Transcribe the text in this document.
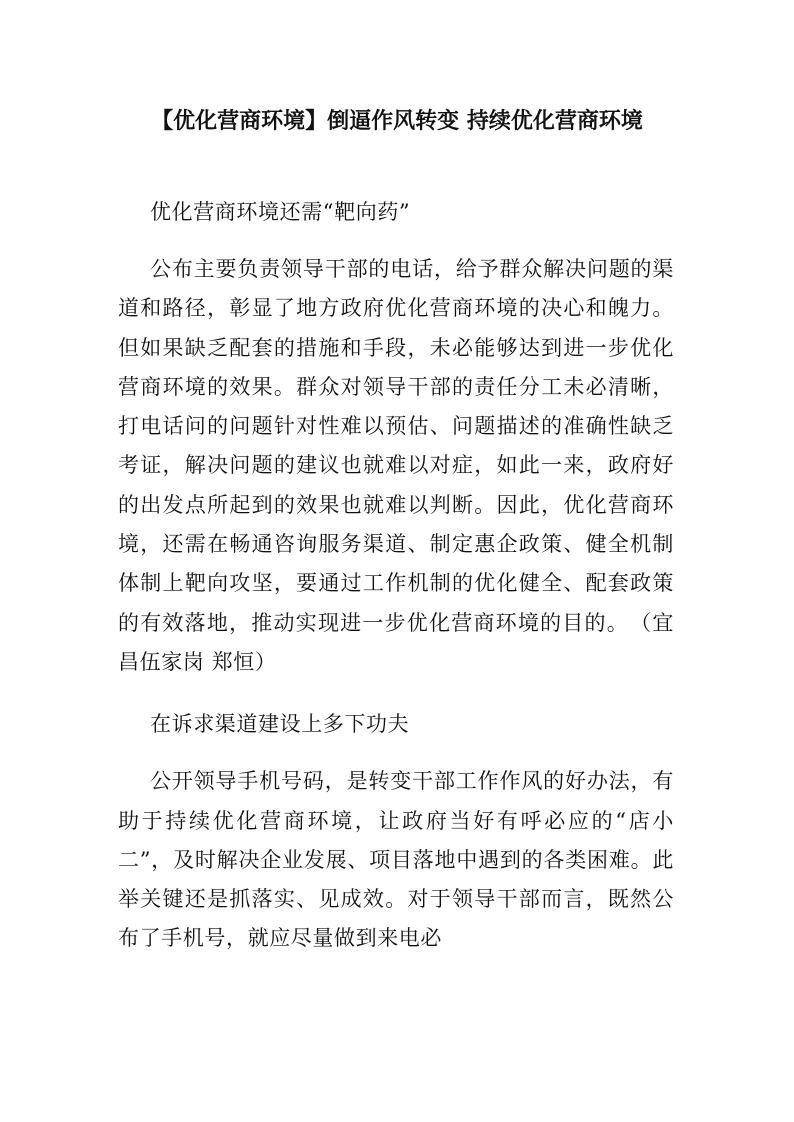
【优化营商环境】倒逼作风转变 持续优化营商环境

优化营商环境还需“靶向药”

公布主要负责领导干部的电话，给予群众解决问题的渠道和路径，彰显了地方政府优化营商环境的决心和魄力。但如果缺乏配套的措施和手段，未必能够达到进一步优化营商环境的效果。群众对领导干部的责任分工未必清晰，打电话问的问题针对性难以预估、问题描述的准确性缺乏考证，解决问题的建议也就难以对症，如此一来，政府好的出发点所起到的效果也就难以判断。因此，优化营商环境，还需在畅通咨询服务渠道、制定惠企政策、健全机制体制上靶向攻坚，要通过工作机制的优化健全、配套政策的有效落地，推动实现进一步优化营商环境的目的。　（宜昌伍家岗 郑恒）

在诉求渠道建设上多下功夫

公开领导手机号码，是转变干部工作作风的好办法，有助于持续优化营商环境，让政府当好有呼必应的“店小二”，及时解决企业发展、项目落地中遇到的各类困难。此举关键还是抓落实、见成效。对于领导干部而言，既然公布了手机号，就应尽量做到来电必
